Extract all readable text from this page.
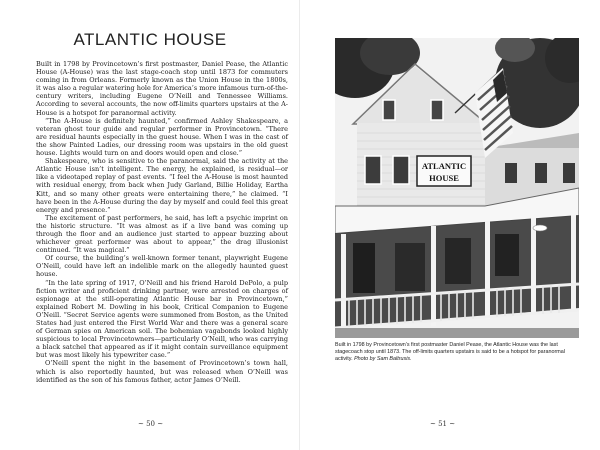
ATLANTIC HOUSE

Built in 1798 by Provincetown’s first postmaster, Daniel Pease, the Atlantic House (A-House) was the last stage-coach stop until 1873 for commuters coming in from Orleans. Formerly known as the Union House in the 1800s, it was also a regular watering hole for America’s more infamous turn-of-the-century writers, including Eugene O’Neill and Tennessee Williams. According to several accounts, the now off-limits quarters upstairs at the A-House is a hotspot for paranormal activity.

“The A-House is definitely haunted,” confirmed Ashley Shakespeare, a veteran ghost tour guide and regular performer in Provincetown. “There are residual haunts especially in the guest house. When I was in the cast of the show Painted Ladies, our dressing room was upstairs in the old guest house. Lights would turn on and doors would open and close.”

Shakespeare, who is sensitive to the paranormal, said the activity at the Atlantic House isn’t intelligent. The energy, he explained, is residual—or like a videotaped replay of past events. “I feel the A-House is most haunted with residual energy, from back when Judy Garland, Billie Holiday, Eartha Kitt, and so many other greats were entertaining there,” he claimed. “I have been in the A-House during the day by myself and could feel this great energy and presence.”

The excitement of past performers, he said, has left a psychic imprint on the historic structure. “It was almost as if a live band was coming up through the floor and an audience just started to appear buzzing about whichever great performer was about to appear,” the drag illusionist continued. “It was magical.”

Of course, the building’s well-known former tenant, playwright Eugene O’Neill, could have left an indelible mark on the allegedly haunted guest house.

“In the late spring of 1917, O’Neill and his friend Harold DePolo, a pulp fiction writer and proficient drinking partner, were arrested on charges of espionage at the still-operating Atlantic House bar in Provincetown,” explained Robert M. Dowling in his book, Critical Companion to Eugene O’Neill. “Secret Service agents were summoned from Boston, as the United States had just entered the First World War and there was a general scare of German spies on American soil. The bohemian vagabonds looked highly suspicious to local Provincetowners—particularly O’Neill, who was carrying a black satchel that appeared as if it might contain surveillance equipment but was most likely his typewriter case.”

O’Neill spent the night in the basement of Provincetown’s town hall, which is also reportedly haunted, but was released when O’Neill was identified as the son of his famous father, actor James O’Neill.

~ 50 ~
ATLANTIC
HOUSE
Built in 1798 by Provincetown’s first postmaster Daniel Pease, the Atlantic House was the last stagecoach stop until 1873. The off-limits quarters upstairs is said to be a hotspot for paranormal activity. Photo by Sam Baltrusis.
~ 51 ~
